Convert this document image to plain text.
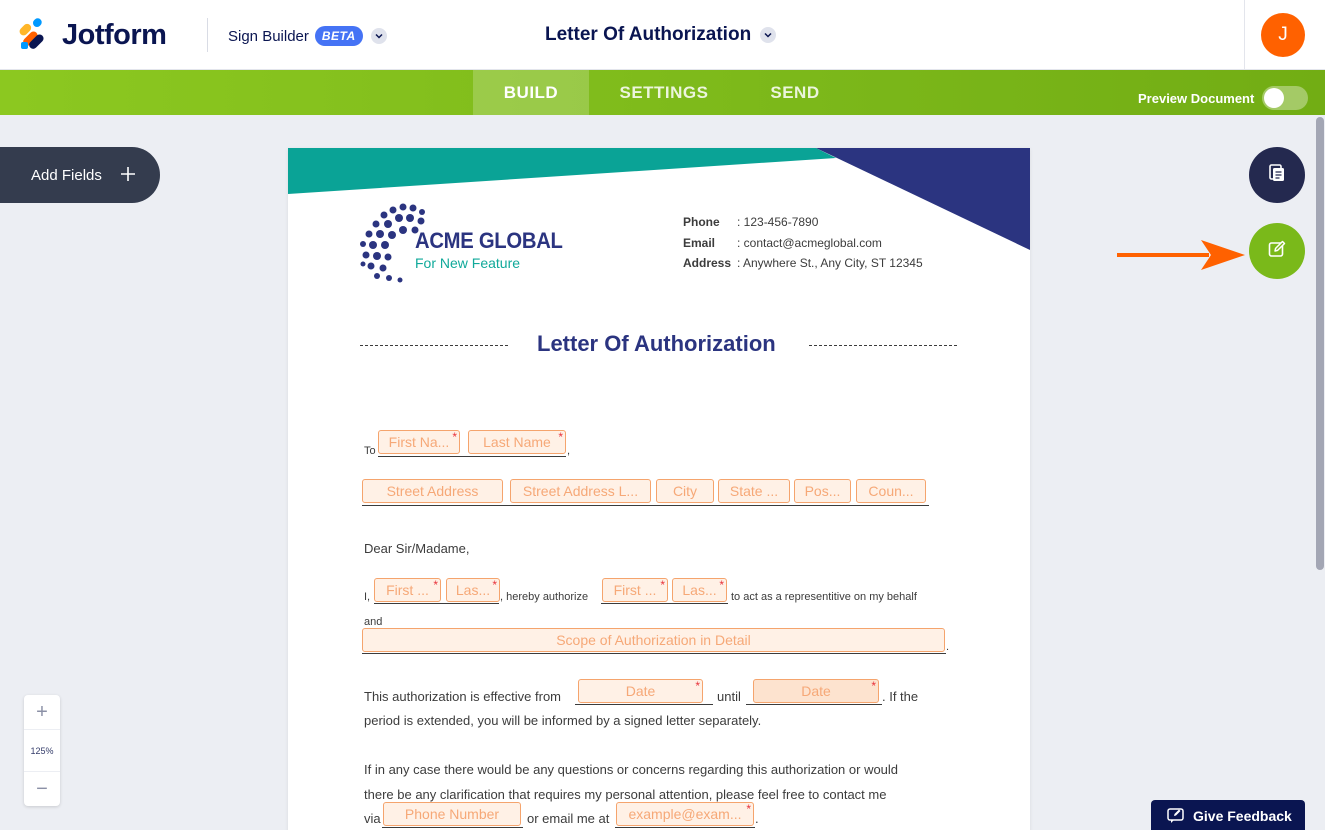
Jotform	Sign Builder	BETA	Letter Of Authorization	J
BUILD	SETTINGS	SEND	Preview Document
Add Fields
+
125%
−
ACME GLOBAL
For New Feature
Phone	: 123-456-7890
Email	: contact@acmeglobal.com
Address : Anywhere St., Any City, ST 12345
Letter Of Authorization
To
First Na... * Last Name *
,
Street Address	Street Address L... City State ... Pos... Coun...
Dear Sir/Madame,
I, First ... * Las... *
, hereby authorize First ... * Las... *
to act as a representitive on my behalf
and
Scope of Authorization in Detail	.
This authorization is effective from	Date	*
until	Date	*
. If the
period is extended, you will be informed by a signed letter separately.
If in any case there would be any questions or concerns regarding this authorization or would
there be any clarification that requires my personal attention, please feel free to contact me
via Phone Number or email me at example@exam... *
.	Give Feedback
